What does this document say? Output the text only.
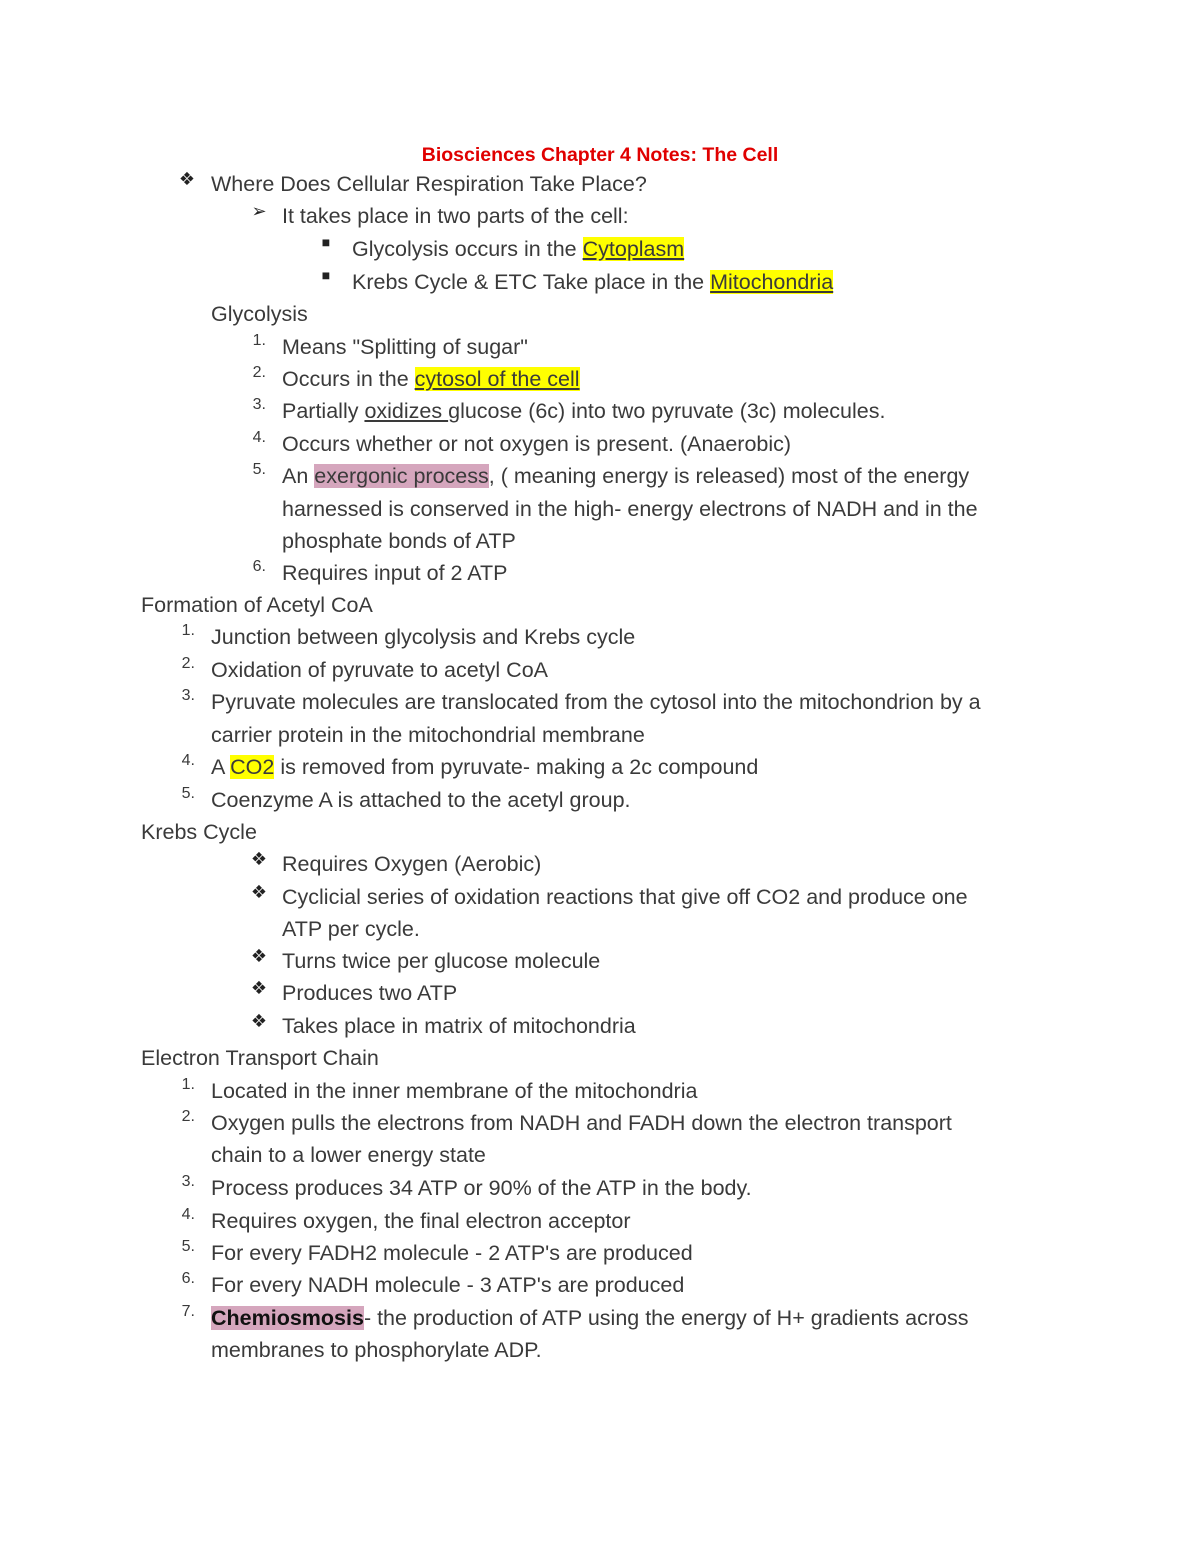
Biosciences Chapter 4 Notes: The Cell
❖ Where Does Cellular Respiration Take Place?
➢ It takes place in two parts of the cell:
■	Glycolysis occurs in the Cytoplasm
■	Krebs Cycle & ETC Take place in the Mitochondria
Glycolysis
1. Means "Splitting of sugar"
2. Occurs in the cytosol of the cell
3. Partially oxidizes glucose (6c) into two pyruvate (3c) molecules.
4. Occurs whether or not oxygen is present. (Anaerobic)
5. An exergonic process, ( meaning energy is released) most of the energy
harnessed is conserved in the high- energy electrons of NADH and in the
phosphate bonds of ATP
6. Requires input of 2 ATP
Formation of Acetyl CoA
1. Junction between glycolysis and Krebs cycle
2. Oxidation of pyruvate to acetyl CoA
3. Pyruvate molecules are translocated from the cytosol into the mitochondrion by a
carrier protein in the mitochondrial membrane
4. A CO2 is removed from pyruvate- making a 2c compound
5. Coenzyme A is attached to the acetyl group.
Krebs Cycle
❖ Requires Oxygen (Aerobic)
❖ Cyclicial series of oxidation reactions that give off CO2 and produce one
ATP per cycle.
❖ Turns twice per glucose molecule
❖ Produces two ATP
❖ Takes place in matrix of mitochondria
Electron Transport Chain
1. Located in the inner membrane of the mitochondria
2. Oxygen pulls the electrons from NADH and FADH down the electron transport
chain to a lower energy state
3. Process produces 34 ATP or 90% of the ATP in the body.
4. Requires oxygen, the final electron acceptor
5. For every FADH2 molecule - 2 ATP's are produced
6. For every NADH molecule - 3 ATP's are produced
7. Chemiosmosis- the production of ATP using the energy of H+ gradients across
membranes to phosphorylate ADP.
